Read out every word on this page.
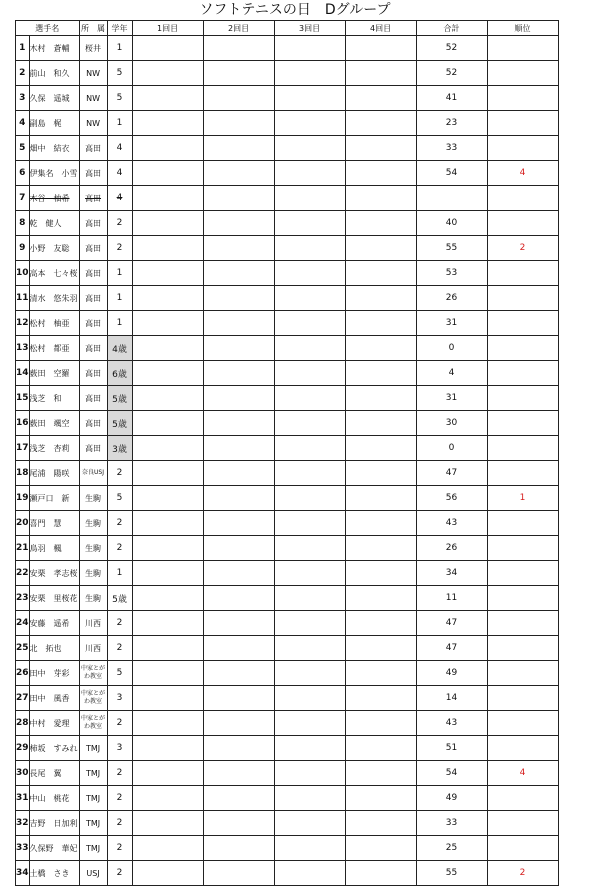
ソフトテニスの日　Dグループ
選手名		所　属	学年	1回目	2回目	3回目	4回目	合計	順位
1	木村　蒼輔	桜井	1					52	
2	前山　和久	NW	5					52	
3	久保　遥城	NW	5					41	
4	副島　梶	NW	1					23	
5	畑中　結衣	高田	4					33	
6	伊集名　小雪	高田	4					54	4
7	木谷　柚希	高田	4						
8	乾　健人	高田	2					40	
9	小野　友聡	高田	2					55	2
10	高本　七々桜	高田	1					53	
11	清水　悠朱羽	高田	1					26	
12	松村　柚亜	高田	1					31	
13	松村　都亜	高田	4歳					0	
14	薮田　空羅	高田	6歳					4	
15	浅芝　和	高田	5歳					31	
16	薮田　颯空	高田	5歳					30	
17	浅芝　杏莉	高田	3歳					0	
18	尾浦　陽咲	奈良USJ	2					47	
19	瀬戸口　新	生駒	5					56	1
20	喜門　慧	生駒	2					43	
21	鳥羽　楓	生駒	2					26	
22	安栗　孝志桜	生駒	1					34	
23	安栗　里桜花	生駒	5歳					11	
24	安藤　遥希	川西	2					47	
25	北　拓也	川西	2					47	
26	田中　芽彩	中家とがわ教室	5					49	
27	田中　風香	中家とがわ教室	3					14	
28	中村　愛理	中家とがわ教室	2					43	
29	柿坂　すみれ	TMJ	3					51	
30	長尾　翼	TMJ	2					54	4
31	中山　桃花	TMJ	2					49	
32	吉野　日加利	TMJ	2					33	
33	久保野　華妃	TMJ	2					25	
34	土橋　さき	USJ	2					55	2
